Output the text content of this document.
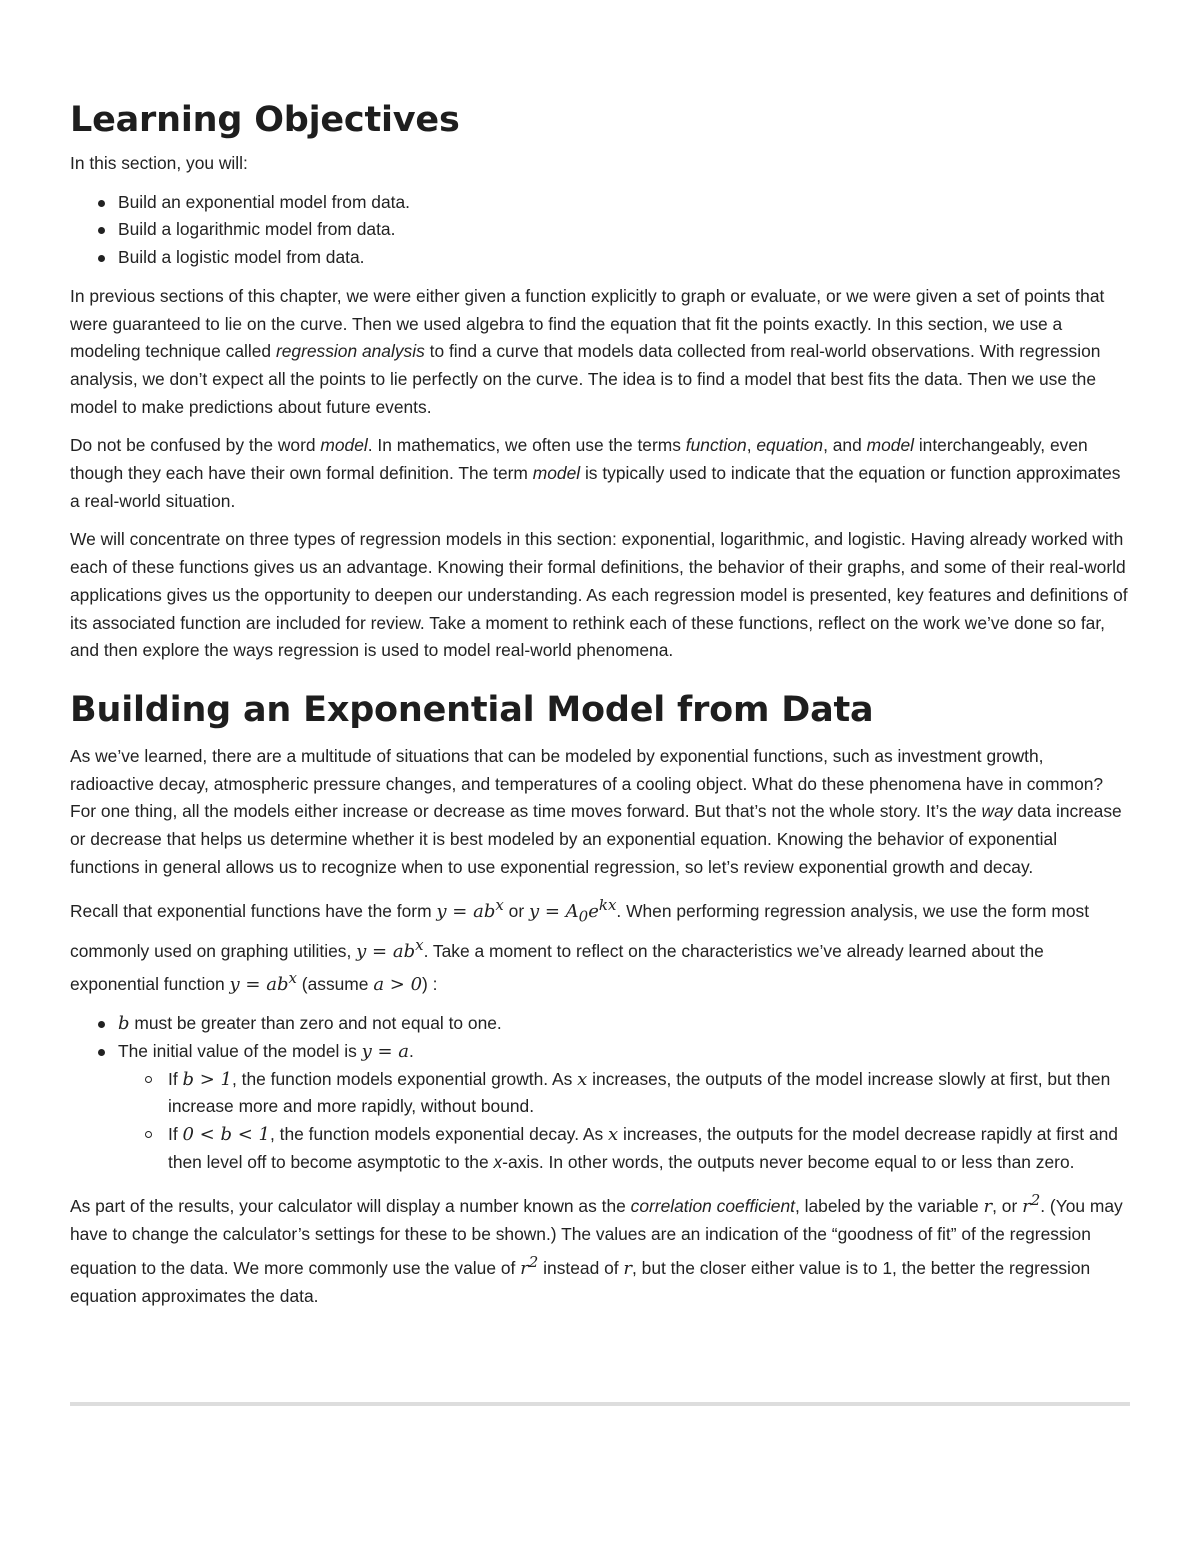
Learning Objectives

In this section, you will:

Build an exponential model from data.
Build a logarithmic model from data.
Build a logistic model from data.

In previous sections of this chapter, we were either given a function explicitly to graph or evaluate, or we were given a set of points that were guaranteed to lie on the curve. Then we used algebra to find the equation that fit the points exactly. In this section, we use a modeling technique called regression analysis to find a curve that models data collected from real-world observations. With regression analysis, we don’t expect all the points to lie perfectly on the curve. The idea is to find a model that best fits the data. Then we use the model to make predictions about future events.

Do not be confused by the word model. In mathematics, we often use the terms function, equation, and model interchangeably, even though they each have their own formal definition. The term model is typically used to indicate that the equation or function approximates a real-world situation.

We will concentrate on three types of regression models in this section: exponential, logarithmic, and logistic. Having already worked with each of these functions gives us an advantage. Knowing their formal definitions, the behavior of their graphs, and some of their real-world applications gives us the opportunity to deepen our understanding. As each regression model is presented, key features and definitions of its associated function are included for review. Take a moment to rethink each of these functions, reflect on the work we’ve done so far, and then explore the ways regression is used to model real-world phenomena.

Building an Exponential Model from Data

As we’ve learned, there are a multitude of situations that can be modeled by exponential functions, such as investment growth, radioactive decay, atmospheric pressure changes, and temperatures of a cooling object. What do these phenomena have in common? For one thing, all the models either increase or decrease as time moves forward. But that’s not the whole story. It’s the way data increase or decrease that helps us determine whether it is best modeled by an exponential equation. Knowing the behavior of exponential functions in general allows us to recognize when to use exponential regression, so let’s review exponential growth and decay.

Recall that exponential functions have the form $y = ab^x$ or $y = A_0e^{kx}$. When performing regression analysis, we use the form most commonly used on graphing utilities, $y = ab^x$. Take a moment to reflect on the characteristics we’ve already learned about the exponential function $y = ab^x$ (assume a > 0) :

b must be greater than zero and not equal to one.
The initial value of the model is y = a.
If b > 1, the function models exponential growth. As x increases, the outputs of the model increase slowly at first, but then increase more and more rapidly, without bound.
If 0 < b < 1, the function models exponential decay. As x increases, the outputs for the model decrease rapidly at first and then level off to become asymptotic to the x-axis. In other words, the outputs never become equal to or less than zero.

As part of the results, your calculator will display a number known as the correlation coefficient, labeled by the variable r, or $r^2$. (You may have to change the calculator’s settings for these to be shown.) The values are an indication of the “goodness of fit” of the regression equation to the data. We more commonly use the value of $r^2$ instead of r, but the closer either value is to 1, the better the regression equation approximates the data.
